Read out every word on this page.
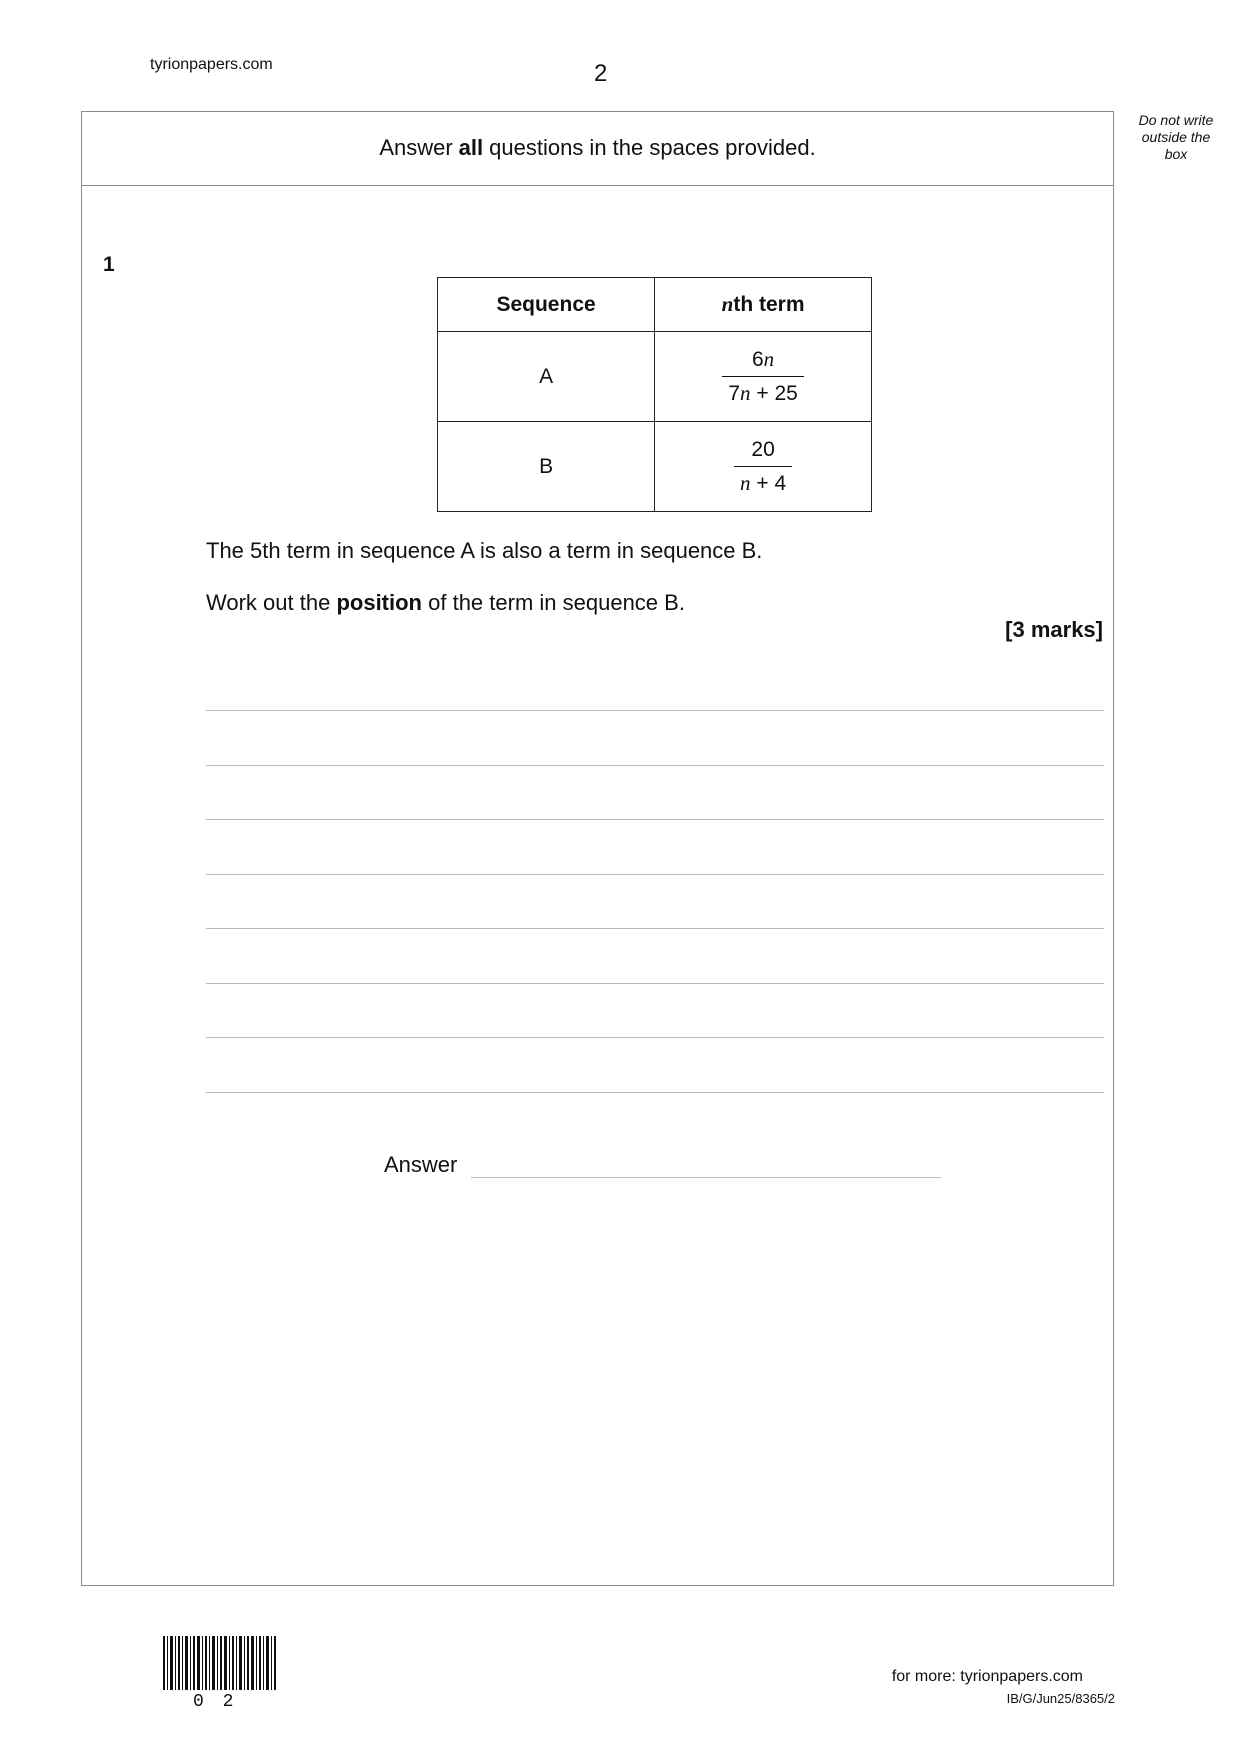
tyrionpapers.com	2
Do not write
outside the
box
Answer all questions in the spaces provided.
1
Sequence	nth term
A	$\frac{6n}{7n + 25}$

B	$\frac{20}{n + 4}$
The 5th term in sequence A is also a term in sequence B.
Work out the position of the term in sequence B.
[3 marks]
Answer
0 2
for more: tyrionpapers.com
IB/G/Jun25/8365/2
